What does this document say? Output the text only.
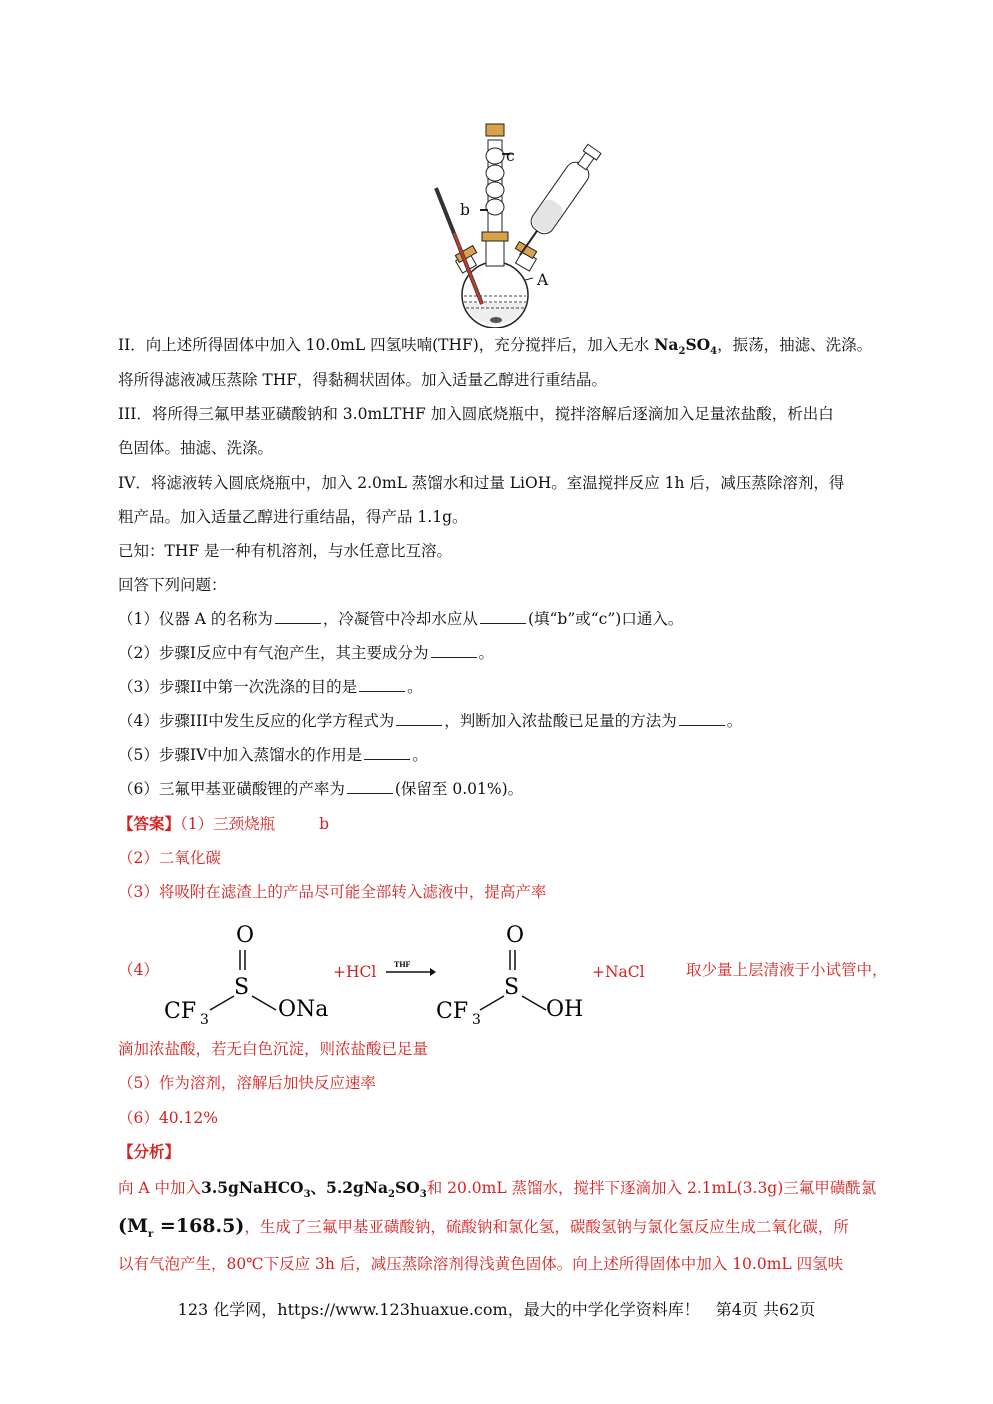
c
b
A
II．向上述所得固体中加入 10.0mL 四氢呋喃(THF)，充分搅拌后，加入无水 $Na_2SO_4$，振荡，抽滤、洗涤。
将所得滤液减压蒸除 THF，得黏稠状固体。加入适量乙醇进行重结晶。
III．将所得三氟甲基亚磺酸钠和 3.0mLTHF 加入圆底烧瓶中，搅拌溶解后逐滴加入足量浓盐酸，析出白
色固体。抽滤、洗涤。
IV．将滤液转入圆底烧瓶中，加入 2.0mL 蒸馏水和过量 LiOH。室温搅拌反应 1h 后，减压蒸除溶剂，得
粗产品。加入适量乙醇进行重结晶，得产品 1.1g。
已知：THF 是一种有机溶剂，与水任意比互溶。
回答下列问题：
（1）仪器 A 的名称为	，冷凝管中冷却水应从	(填“b”或“c”)口通入。
（2）步骤I反应中有气泡产生，其主要成分为	。
（3）步骤II中第一次洗涤的目的是	。
（4）步骤III中发生反应的化学方程式为	，判断加入浓盐酸已足量的方法为	。
（5）步骤IV中加入蒸馏水的作用是	。
（6）三氟甲基亚磺酸锂的产率为	(保留至 0.01%)。
【答案】（1）三颈烧瓶	b
（2）二氧化碳
（3）将吸附在滤渣上的产品尽可能全部转入滤液中，提高产率
（4）
O
S
CF 3	ONa
+HCl THF
O
S
CF 3	OH
+NaCl	取少量上层清液于小试管中，
滴加浓盐酸，若无白色沉淀，则浓盐酸已足量
（5）作为溶剂，溶解后加快反应速率
（6）40.12%
【分析】
向 A 中加入3.5gNaHCO$_3$、$5.2gNa_2SO_3$和 20.0mL 蒸馏水，搅拌下逐滴加入 2.1mL(3.3g)三氟甲磺酰氯
$(M_r =168.5)$，生成了三氟甲基亚磺酸钠，硫酸钠和氯化氢，碳酸氢钠与氯化氢反应生成二氧化碳，所
以有气泡产生，80℃下反应 3h 后，减压蒸除溶剂得浅黄色固体。向上述所得固体中加入 10.0mL 四氢呋
123 化学网，https://www.123huaxue.com，最大的中学化学资料库！　第4页 共62页
